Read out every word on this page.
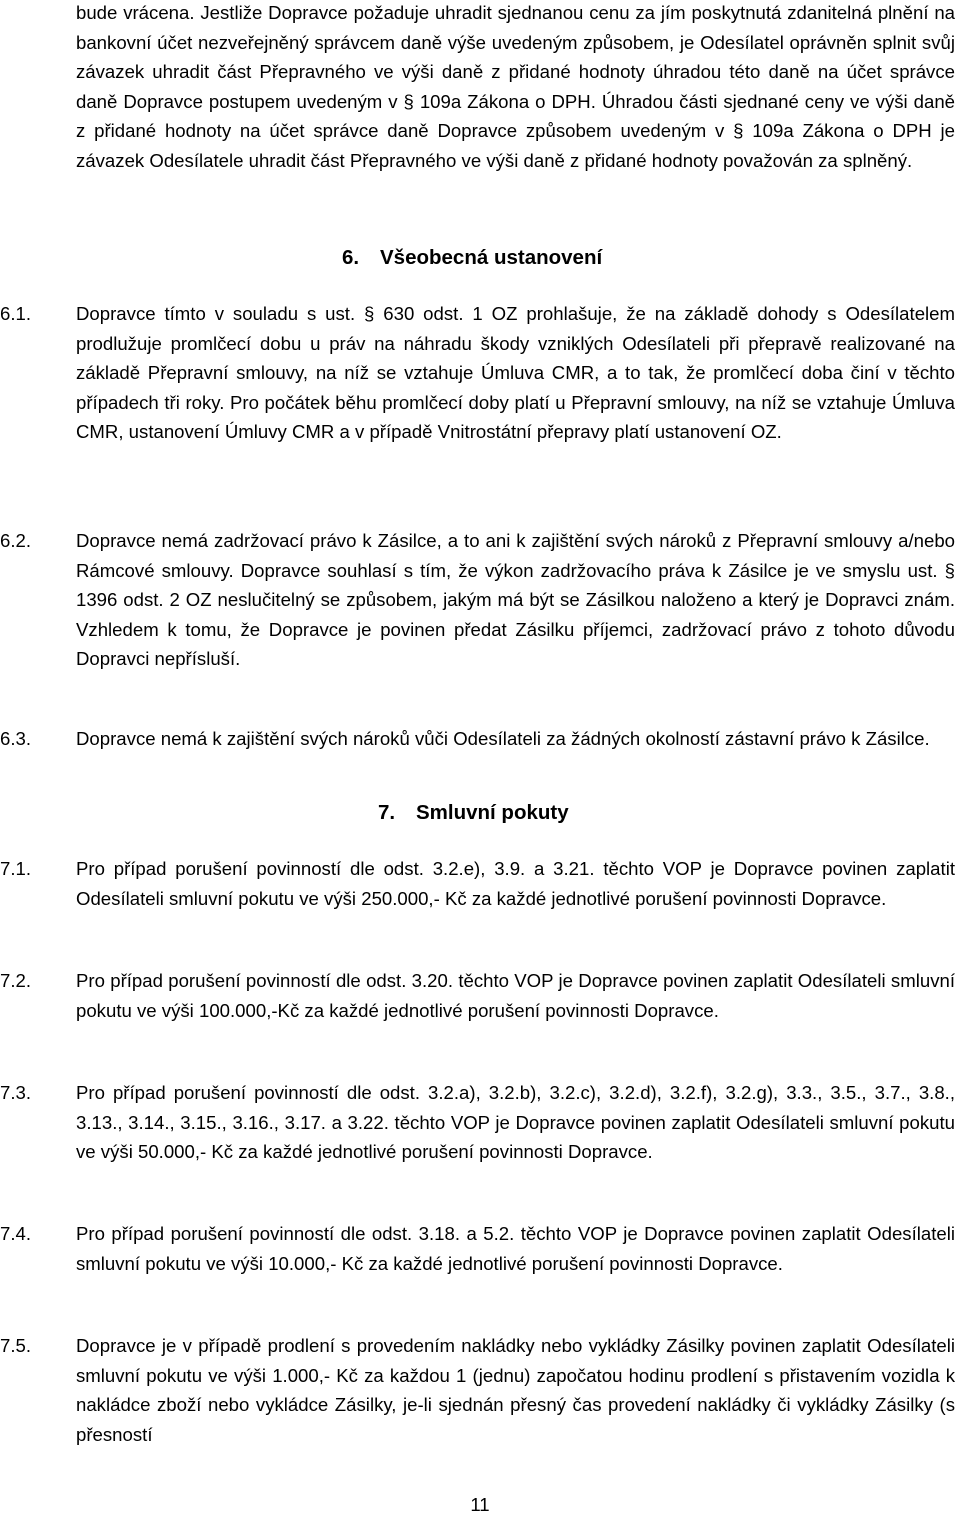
bude vrácena. Jestliže Dopravce požaduje uhradit sjednanou cenu za jím poskytnutá zdanitelná plnění na bankovní účet nezveřejněný správcem daně výše uvedeným způsobem, je Odesílatel oprávněn splnit svůj závazek uhradit část Přepravného ve výši daně z přidané hodnoty úhradou této daně na účet správce daně Dopravce postupem uvedeným v § 109a Zákona o DPH. Úhradou části sjednané ceny ve výši daně z přidané hodnoty na účet správce daně Dopravce způsobem uvedeným v § 109a Zákona o DPH je závazek Odesílatele uhradit část Přepravného ve výši daně z přidané hodnoty považován za splněný.

6. Všeobecná ustanovení
6.1. Dopravce tímto v souladu s ust. § 630 odst. 1 OZ prohlašuje, že na základě dohody s Odesílatelem prodlužuje promlčecí dobu u práv na náhradu škody vzniklých Odesílateli při přepravě realizované na základě Přepravní smlouvy, na níž se vztahuje Úmluva CMR, a to tak, že promlčecí doba činí v těchto případech tři roky. Pro počátek běhu promlčecí doby platí u Přepravní smlouvy, na níž se vztahuje Úmluva CMR, ustanovení Úmluvy CMR a v případě Vnitrostátní přepravy platí ustanovení OZ.

6.2. Dopravce nemá zadržovací právo k Zásilce, a to ani k zajištění svých nároků z Přepravní smlouvy a/nebo Rámcové smlouvy. Dopravce souhlasí s tím, že výkon zadržovacího práva k Zásilce je ve smyslu ust. § 1396 odst. 2 OZ neslučitelný se způsobem, jakým má být se Zásilkou naloženo a který je Dopravci znám. Vzhledem k tomu, že Dopravce je povinen předat Zásilku příjemci, zadržovací právo z tohoto důvodu Dopravci nepřísluší.

6.3. Dopravce nemá k zajištění svých nároků vůči Odesílateli za žádných okolností zástavní právo k Zásilce.

7. Smluvní pokuty
7.1. Pro případ porušení povinností dle odst. 3.2.e), 3.9. a 3.21. těchto VOP je Dopravce povinen zaplatit Odesílateli smluvní pokutu ve výši 250.000,- Kč za každé jednotlivé porušení povinnosti Dopravce.

7.2. Pro případ porušení povinností dle odst. 3.20. těchto VOP je Dopravce povinen zaplatit Odesílateli smluvní pokutu ve výši 100.000,-Kč za každé jednotlivé porušení povinnosti Dopravce.

7.3. Pro případ porušení povinností dle odst. 3.2.a), 3.2.b), 3.2.c), 3.2.d), 3.2.f), 3.2.g), 3.3., 3.5., 3.7., 3.8., 3.13., 3.14., 3.15., 3.16., 3.17. a 3.22. těchto VOP je Dopravce povinen zaplatit Odesílateli smluvní pokutu ve výši 50.000,- Kč za každé jednotlivé porušení povinnosti Dopravce.

7.4. Pro případ porušení povinností dle odst. 3.18. a 5.2. těchto VOP je Dopravce povinen zaplatit Odesílateli smluvní pokutu ve výši 10.000,- Kč za každé jednotlivé porušení povinnosti Dopravce.

7.5. Dopravce je v případě prodlení s provedením nakládky nebo vykládky Zásilky povinen zaplatit Odesílateli smluvní pokutu ve výši 1.000,- Kč za každou 1 (jednu) započatou hodinu prodlení s přistavením vozidla k nakládce zboží nebo vykládce Zásilky, je-li sjednán přesný čas provedení nakládky či vykládky Zásilky (s přesností

11
